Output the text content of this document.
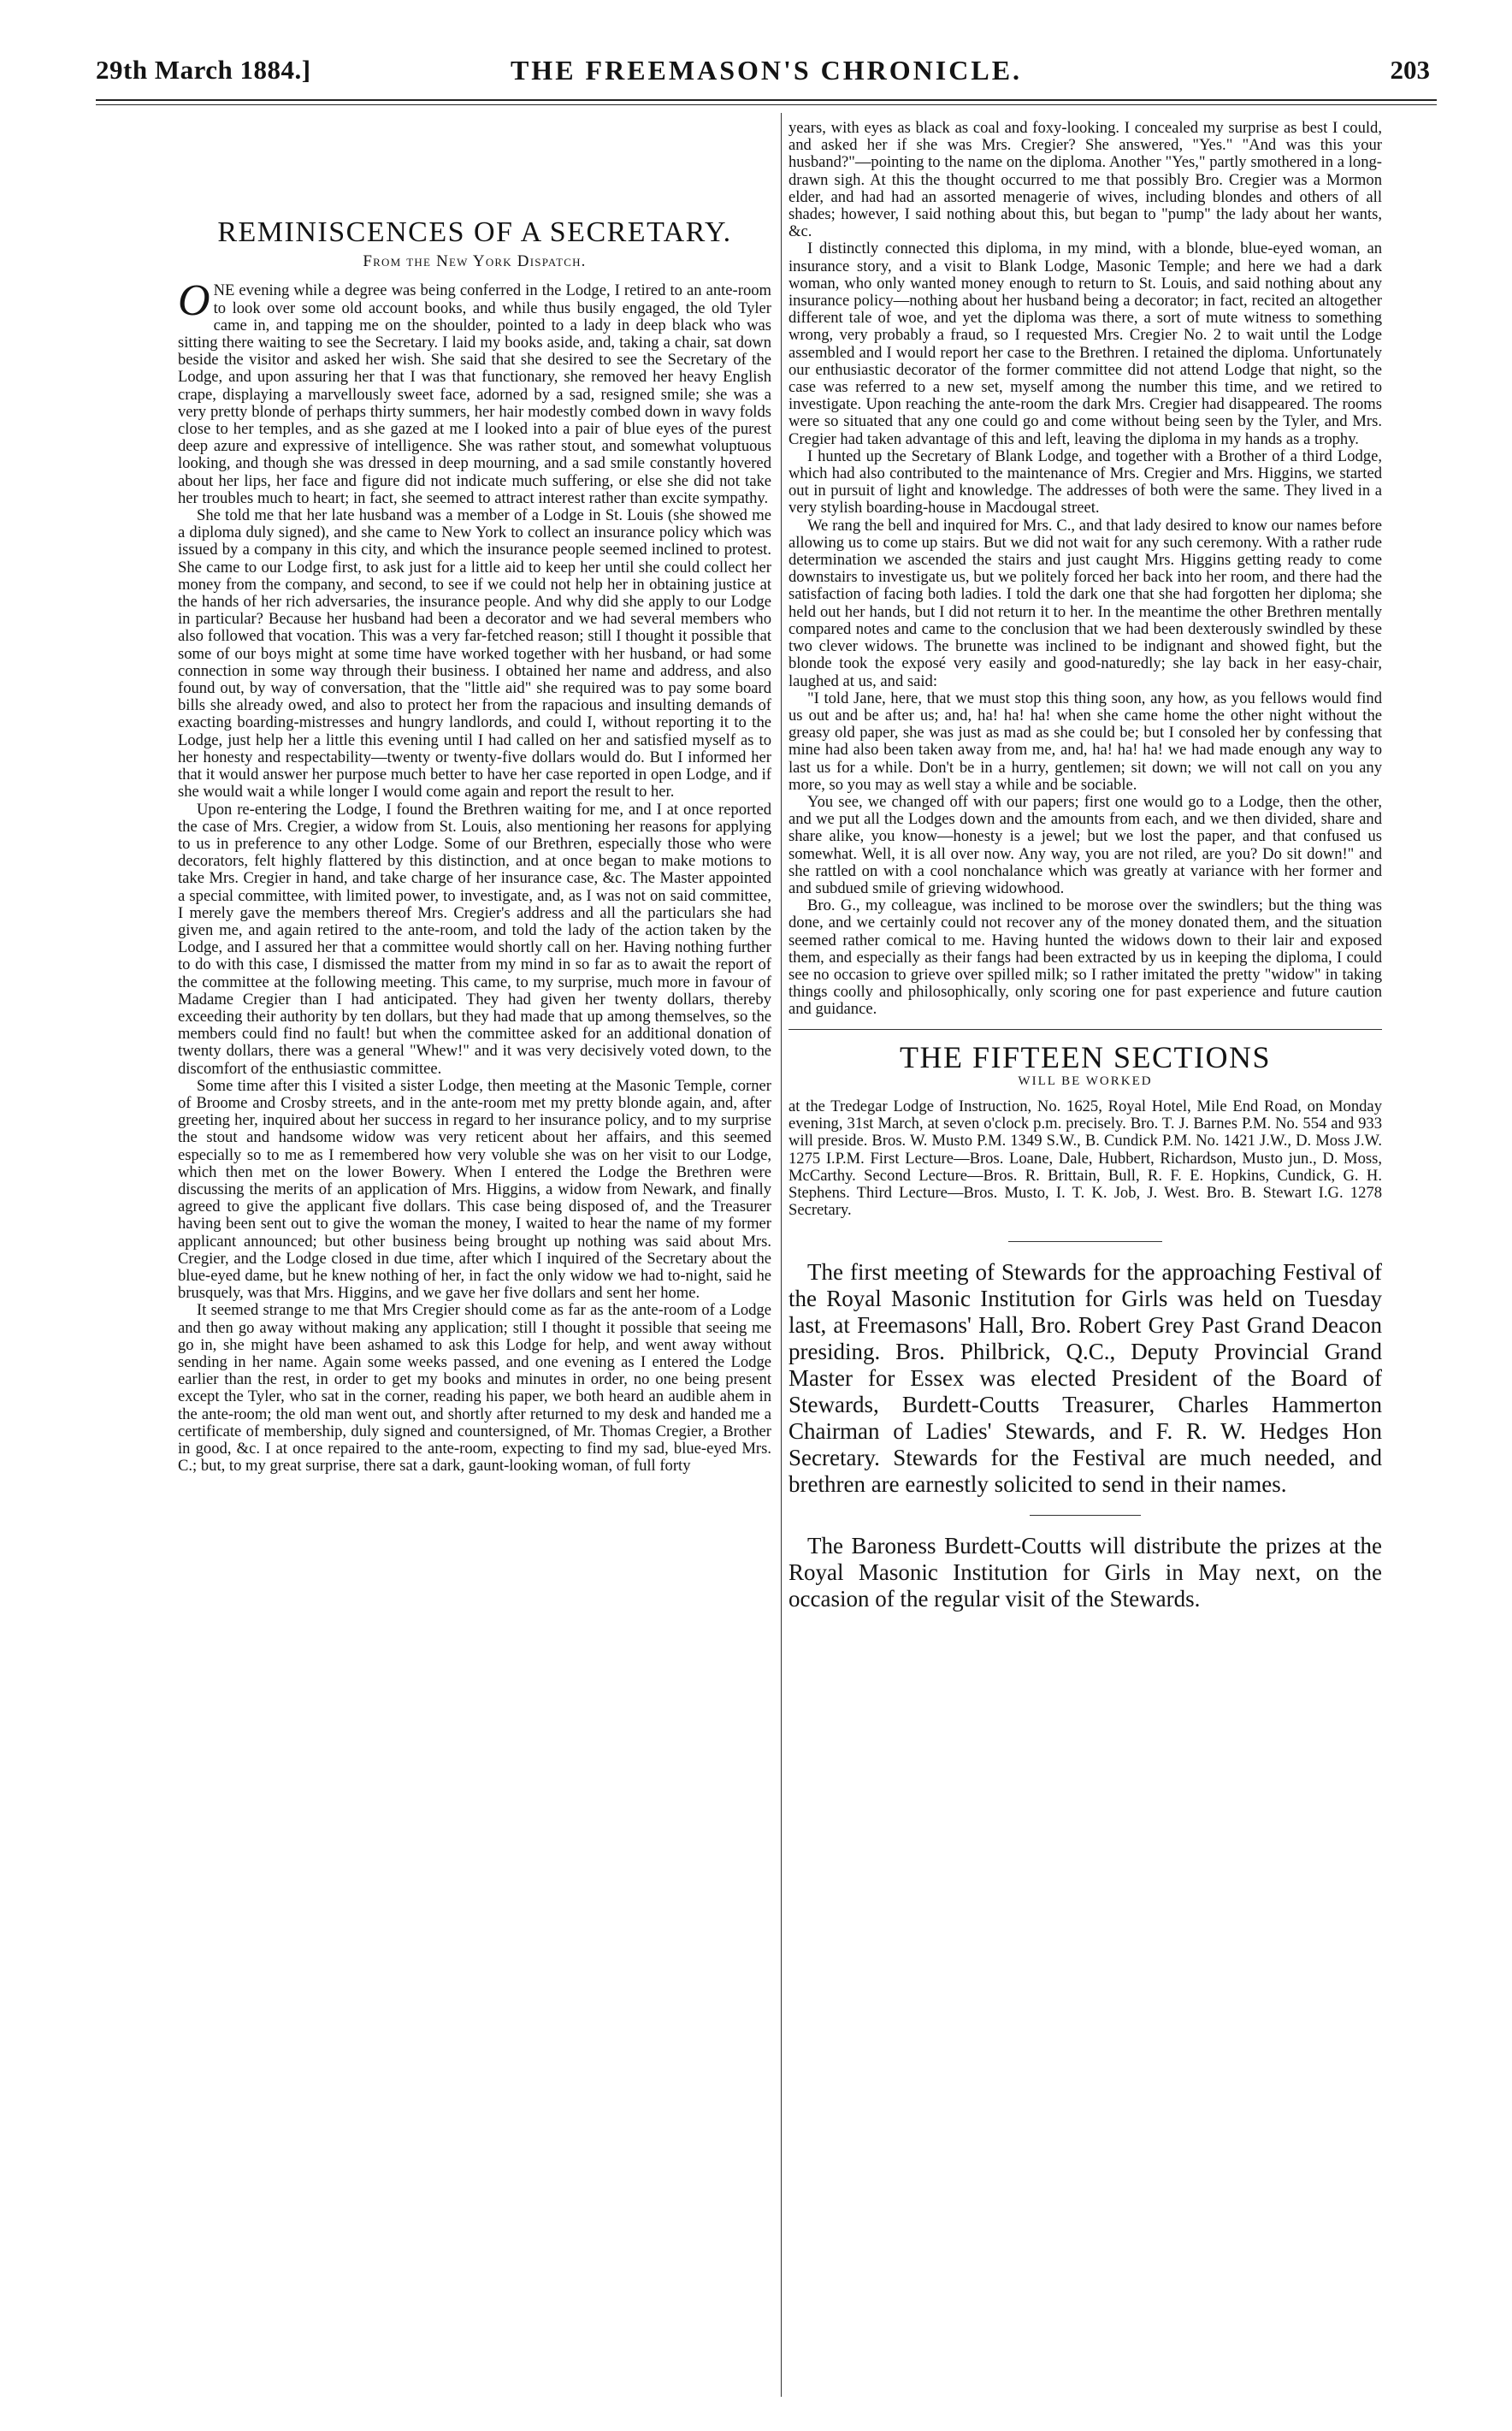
29th March 1884.]	THE FREEMASON'S CHRONICLE.	203
REMINISCENCES OF A SECRETARY.
From the New York Dispatch.

ONE evening while a degree was being conferred in the Lodge, I retired to an ante-room to look over some old account books, and while thus busily engaged, the old Tyler came in, and tapping me on the shoulder, pointed to a lady in deep black who was sitting there waiting to see the Secretary. I laid my books aside, and, taking a chair, sat down beside the visitor and asked her wish. She said that she desired to see the Secretary of the Lodge, and upon assuring her that I was that functionary, she removed her heavy English crape, displaying a marvellously sweet face, adorned by a sad, resigned smile; she was a very pretty blonde of perhaps thirty summers, her hair modestly combed down in wavy folds close to her temples, and as she gazed at me I looked into a pair of blue eyes of the purest deep azure and expressive of intelligence. She was rather stout, and somewhat voluptuous looking, and though she was dressed in deep mourning, and a sad smile constantly hovered about her lips, her face and figure did not indicate much suffering, or else she did not take her troubles much to heart; in fact, she seemed to attract interest rather than excite sympathy.

She told me that her late husband was a member of a Lodge in St. Louis (she showed me a diploma duly signed), and she came to New York to collect an insurance policy which was issued by a company in this city, and which the insurance people seemed inclined to protest. She came to our Lodge first, to ask just for a little aid to keep her until she could collect her money from the company, and second, to see if we could not help her in obtaining justice at the hands of her rich adversaries, the insurance people. And why did she apply to our Lodge in particular? Because her husband had been a decorator and we had several members who also followed that vocation. This was a very far-fetched reason; still I thought it possible that some of our boys might at some time have worked together with her husband, or had some connection in some way through their business. I obtained her name and address, and also found out, by way of conversation, that the "little aid" she required was to pay some board bills she already owed, and also to protect her from the rapacious and insulting demands of exacting boarding-mistresses and hungry landlords, and could I, without reporting it to the Lodge, just help her a little this evening until I had called on her and satisfied myself as to her honesty and respectability—twenty or twenty-five dollars would do. But I informed her that it would answer her purpose much better to have her case reported in open Lodge, and if she would wait a while longer I would come again and report the result to her.

Upon re-entering the Lodge, I found the Brethren waiting for me, and I at once reported the case of Mrs. Cregier, a widow from St. Louis, also mentioning her reasons for applying to us in preference to any other Lodge. Some of our Brethren, especially those who were decorators, felt highly flattered by this distinction, and at once began to make motions to take Mrs. Cregier in hand, and take charge of her insurance case, &c. The Master appointed a special committee, with limited power, to investigate, and, as I was not on said committee, I merely gave the members thereof Mrs. Cregier's address and all the particulars she had given me, and again retired to the ante-room, and told the lady of the action taken by the Lodge, and I assured her that a committee would shortly call on her. Having nothing further to do with this case, I dismissed the matter from my mind in so far as to await the report of the committee at the following meeting. This came, to my surprise, much more in favour of Madame Cregier than I had anticipated. They had given her twenty dollars, thereby exceeding their authority by ten dollars, but they had made that up among themselves, so the members could find no fault! but when the committee asked for an additional donation of twenty dollars, there was a general "Whew!" and it was very decisively voted down, to the discomfort of the enthusiastic committee.

Some time after this I visited a sister Lodge, then meeting at the Masonic Temple, corner of Broome and Crosby streets, and in the ante-room met my pretty blonde again, and, after greeting her, inquired about her success in regard to her insurance policy, and to my surprise the stout and handsome widow was very reticent about her affairs, and this seemed especially so to me as I remembered how very voluble she was on her visit to our Lodge, which then met on the lower Bowery. When I entered the Lodge the Brethren were discussing the merits of an application of Mrs. Higgins, a widow from Newark, and finally agreed to give the applicant five dollars. This case being disposed of, and the Treasurer having been sent out to give the woman the money, I waited to hear the name of my former applicant announced; but other business being brought up nothing was said about Mrs. Cregier, and the Lodge closed in due time, after which I inquired of the Secretary about the blue-eyed dame, but he knew nothing of her, in fact the only widow we had to-night, said he brusquely, was that Mrs. Higgins, and we gave her five dollars and sent her home.

It seemed strange to me that Mrs Cregier should come as far as the ante-room of a Lodge and then go away without making any application; still I thought it possible that seeing me go in, she might have been ashamed to ask this Lodge for help, and went away without sending in her name. Again some weeks passed, and one evening as I entered the Lodge earlier than the rest, in order to get my books and minutes in order, no one being present except the Tyler, who sat in the corner, reading his paper, we both heard an audible ahem in the ante-room; the old man went out, and shortly after returned to my desk and handed me a certificate of membership, duly signed and countersigned, of Mr. Thomas Cregier, a Brother in good, &c. I at once repaired to the ante-room, expecting to find my sad, blue-eyed Mrs. C.; but, to my great surprise, there sat a dark, gaunt-looking woman, of full forty

years, with eyes as black as coal and foxy-looking. I concealed my surprise as best I could, and asked her if she was Mrs. Cregier? She answered, "Yes." "And was this your husband?"—pointing to the name on the diploma. Another "Yes," partly smothered in a long-drawn sigh. At this the thought occurred to me that possibly Bro. Cregier was a Mormon elder, and had had an assorted menagerie of wives, including blondes and others of all shades; however, I said nothing about this, but began to "pump" the lady about her wants, &c.

I distinctly connected this diploma, in my mind, with a blonde, blue-eyed woman, an insurance story, and a visit to Blank Lodge, Masonic Temple; and here we had a dark woman, who only wanted money enough to return to St. Louis, and said nothing about any insurance policy—nothing about her husband being a decorator; in fact, recited an altogether different tale of woe, and yet the diploma was there, a sort of mute witness to something wrong, very probably a fraud, so I requested Mrs. Cregier No. 2 to wait until the Lodge assembled and I would report her case to the Brethren. I retained the diploma. Unfortunately our enthusiastic decorator of the former committee did not attend Lodge that night, so the case was referred to a new set, myself among the number this time, and we retired to investigate. Upon reaching the ante-room the dark Mrs. Cregier had disappeared. The rooms were so situated that any one could go and come without being seen by the Tyler, and Mrs. Cregier had taken advantage of this and left, leaving the diploma in my hands as a trophy.

I hunted up the Secretary of Blank Lodge, and together with a Brother of a third Lodge, which had also contributed to the maintenance of Mrs. Cregier and Mrs. Higgins, we started out in pursuit of light and knowledge. The addresses of both were the same. They lived in a very stylish boarding-house in Macdougal street.

We rang the bell and inquired for Mrs. C., and that lady desired to know our names before allowing us to come up stairs. But we did not wait for any such ceremony. With a rather rude determination we ascended the stairs and just caught Mrs. Higgins getting ready to come downstairs to investigate us, but we politely forced her back into her room, and there had the satisfaction of facing both ladies. I told the dark one that she had forgotten her diploma; she held out her hands, but I did not return it to her. In the meantime the other Brethren mentally compared notes and came to the conclusion that we had been dexterously swindled by these two clever widows. The brunette was inclined to be indignant and showed fight, but the blonde took the exposé very easily and good-naturedly; she lay back in her easy-chair, laughed at us, and said:

"I told Jane, here, that we must stop this thing soon, any how, as you fellows would find us out and be after us; and, ha! ha! ha! when she came home the other night without the greasy old paper, she was just as mad as she could be; but I consoled her by confessing that mine had also been taken away from me, and, ha! ha! ha! we had made enough any way to last us for a while. Don't be in a hurry, gentlemen; sit down; we will not call on you any more, so you may as well stay a while and be sociable.

You see, we changed off with our papers; first one would go to a Lodge, then the other, and we put all the Lodges down and the amounts from each, and we then divided, share and share alike, you know—honesty is a jewel; but we lost the paper, and that confused us somewhat. Well, it is all over now. Any way, you are not riled, are you? Do sit down!" and she rattled on with a cool nonchalance which was greatly at variance with her former and and subdued smile of grieving widowhood.

Bro. G., my colleague, was inclined to be morose over the swindlers; but the thing was done, and we certainly could not recover any of the money donated them, and the situation seemed rather comical to me. Having hunted the widows down to their lair and exposed them, and especially as their fangs had been extracted by us in keeping the diploma, I could see no occasion to grieve over spilled milk; so I rather imitated the pretty "widow" in taking things coolly and philosophically, only scoring one for past experience and future caution and guidance.

THE FIFTEEN SECTIONS
WILL BE WORKED

at the Tredegar Lodge of Instruction, No. 1625, Royal Hotel, Mile End Road, on Monday evening, 31st March, at seven o'clock p.m. precisely. Bro. T. J. Barnes P.M. No. 554 and 933 will preside. Bros. W. Musto P.M. 1349 S.W., B. Cundick P.M. No. 1421 J.W., D. Moss J.W. 1275 I.P.M. First Lecture—Bros. Loane, Dale, Hubbert, Richardson, Musto jun., D. Moss, McCarthy. Second Lecture—Bros. R. Brittain, Bull, R. F. E. Hopkins, Cundick, G. H. Stephens. Third Lecture—Bros. Musto, I. T. K. Job, J. West. Bro. B. Stewart I.G. 1278 Secretary.

The first meeting of Stewards for the approaching Festival of the Royal Masonic Institution for Girls was held on Tuesday last, at Freemasons' Hall, Bro. Robert Grey Past Grand Deacon presiding. Bros. Philbrick, Q.C., Deputy Provincial Grand Master for Essex was elected President of the Board of Stewards, Burdett-Coutts Treasurer, Charles Hammerton Chairman of Ladies' Stewards, and F. R. W. Hedges Hon Secretary. Stewards for the Festival are much needed, and brethren are earnestly solicited to send in their names.

The Baroness Burdett-Coutts will distribute the prizes at the Royal Masonic Institution for Girls in May next, on the occasion of the regular visit of the Stewards.
